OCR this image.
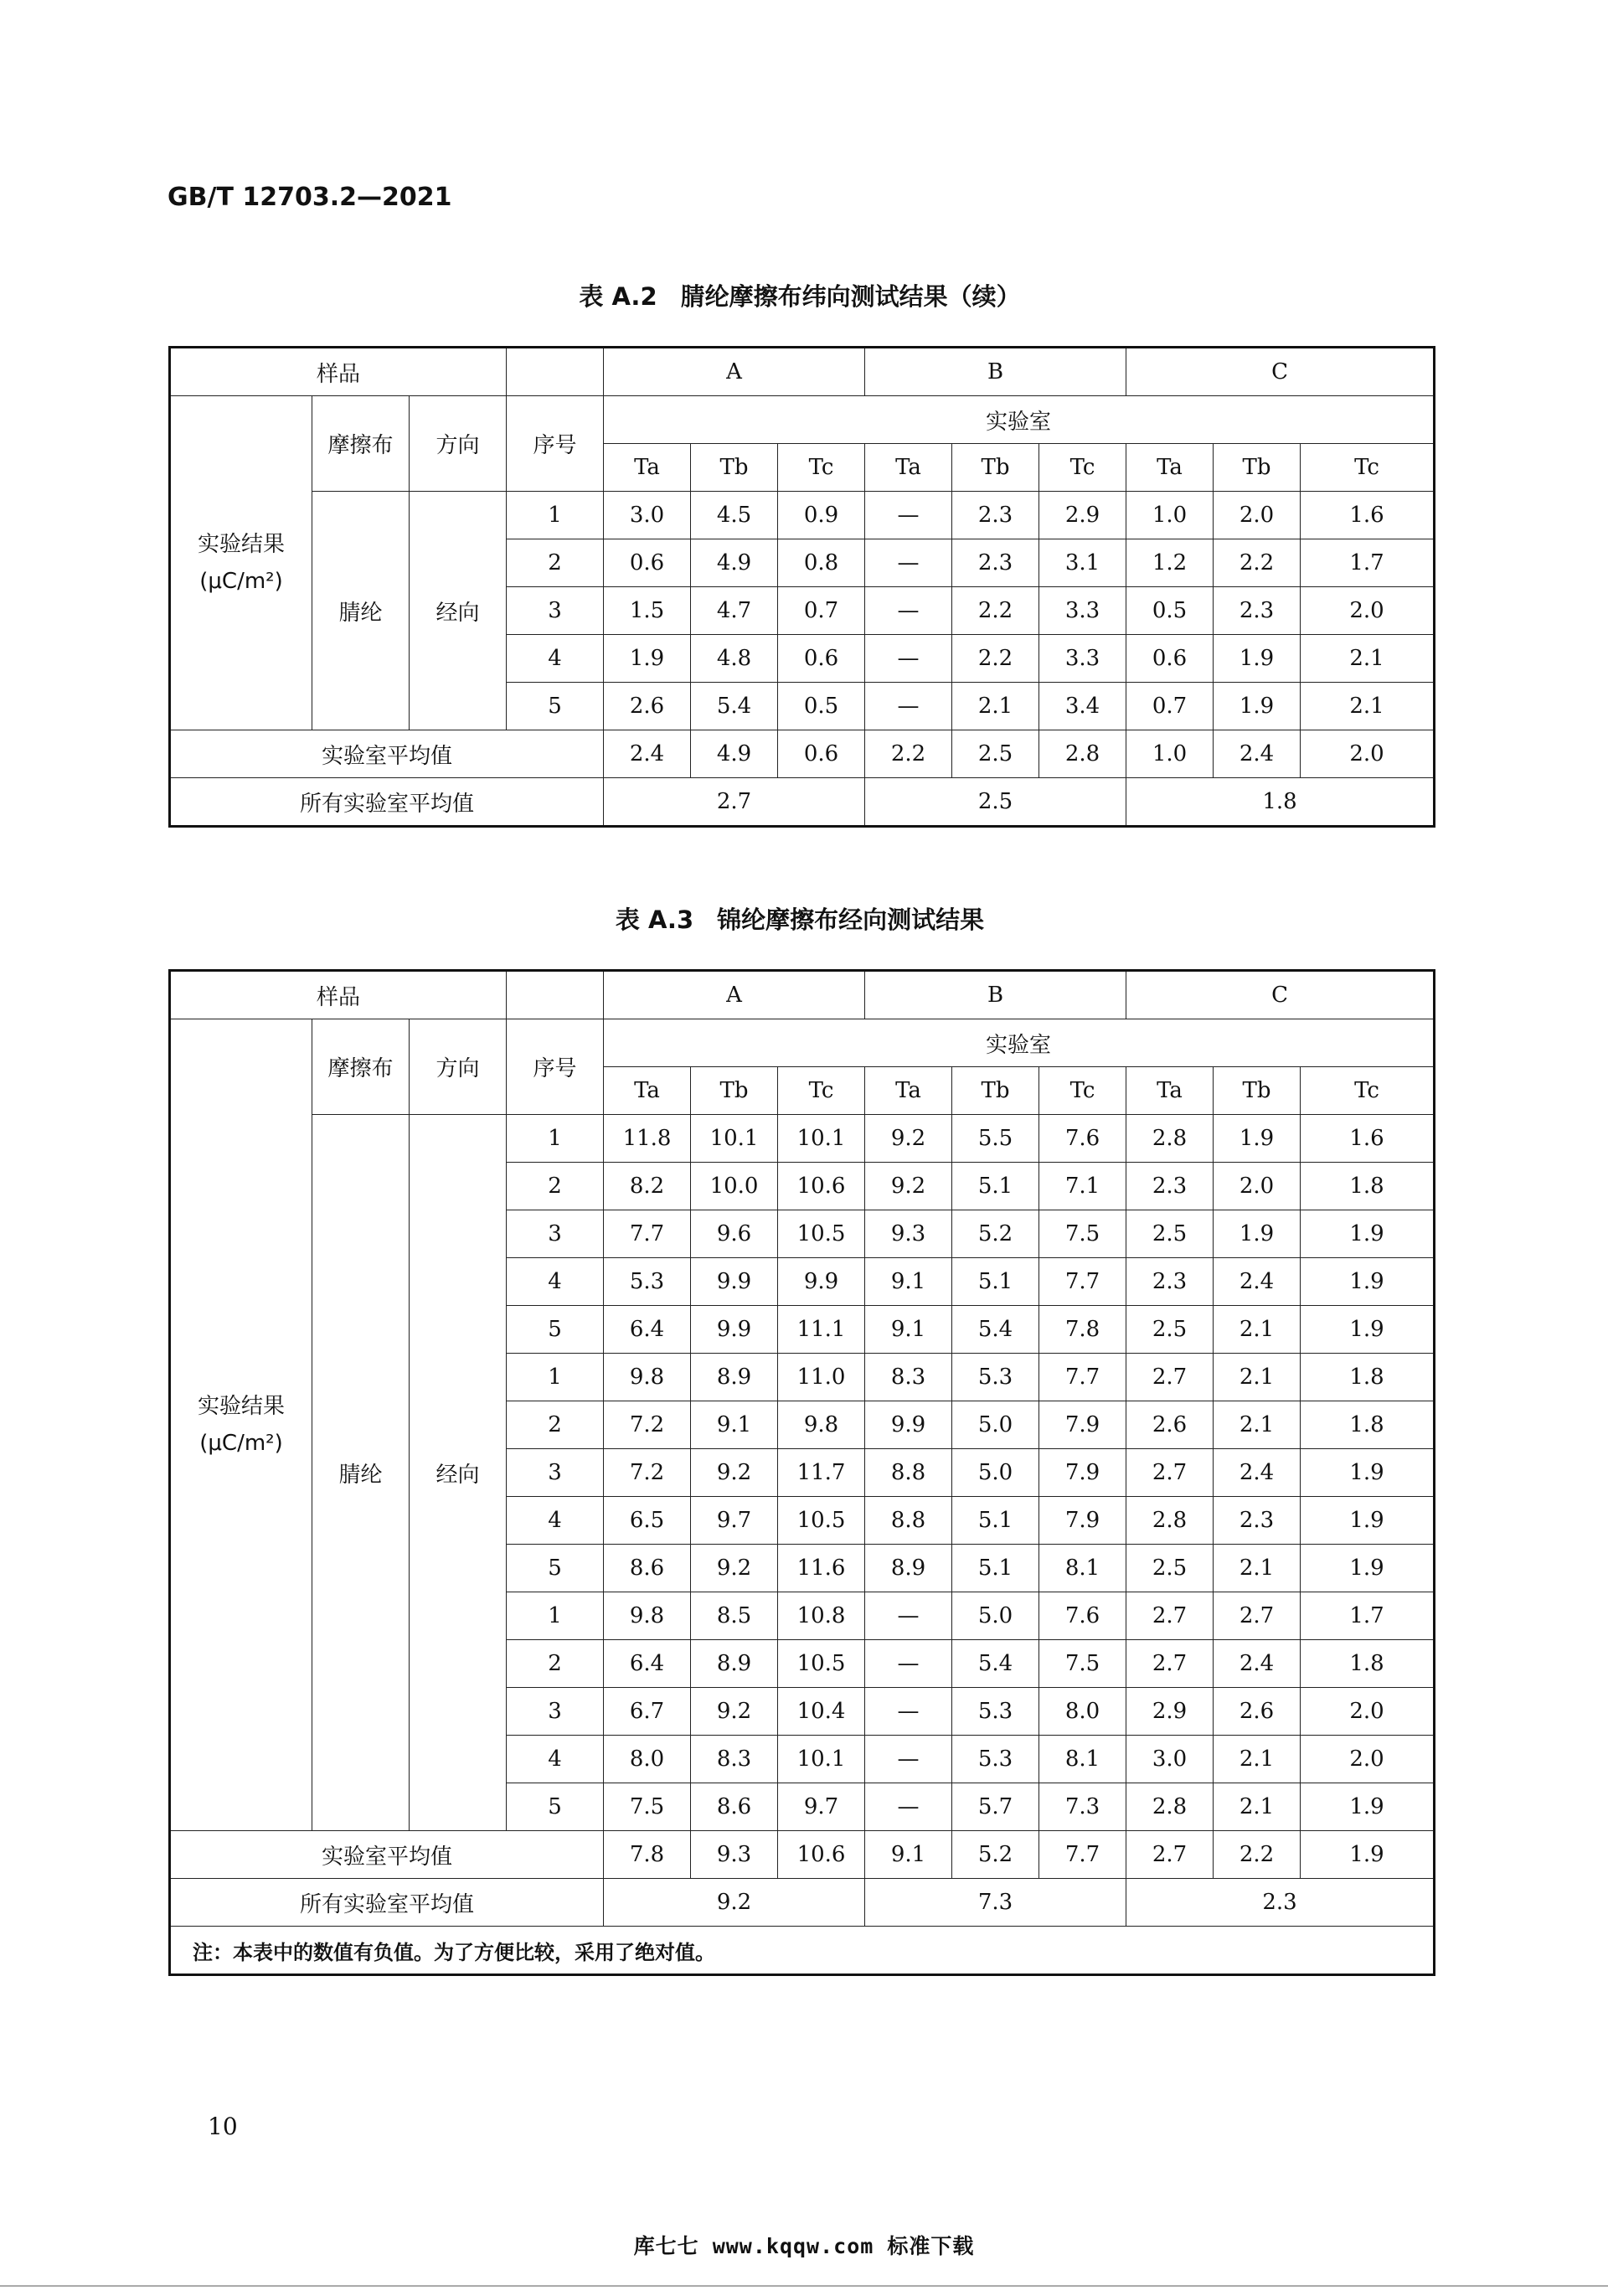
GB/T 12703.2—2021
表 A.2 腈纶摩擦布纬向测试结果（续）
样品				A			B			C		

实验结果
(μC/m²)	摩擦布	方向	序号	实验室								
				Ta	Tb	Tc	Ta	Tb	Tc	Ta	Tb	Tc
	腈纶	经向	1	3.0	4.5	0.9	—	2.3	2.9	1.0	2.0	1.6
			2	0.6	4.9	0.8	—	2.3	3.1	1.2	2.2	1.7
			3	1.5	4.7	0.7	—	2.2	3.3	0.5	2.3	2.0
			4	1.9	4.8	0.6	—	2.2	3.3	0.6	1.9	2.1
			5	2.6	5.4	0.5	—	2.1	3.4	0.7	1.9	2.1
实验室平均值				2.4	4.9	0.6	2.2	2.5	2.8	1.0	2.4	2.0
所有实验室平均值				2.7			2.5			1.8		
表 A.3 锦纶摩擦布经向测试结果
样品				A			B			C		

实验结果
(μC/m²)	摩擦布	方向	序号	实验室								
				Ta	Tb	Tc	Ta	Tb	Tc	Ta	Tb	Tc
	腈纶	经向	1	11.8	10.1	10.1	9.2	5.5	7.6	2.8	1.9	1.6
			2	8.2	10.0	10.6	9.2	5.1	7.1	2.3	2.0	1.8
			3	7.7	9.6	10.5	9.3	5.2	7.5	2.5	1.9	1.9
			4	5.3	9.9	9.9	9.1	5.1	7.7	2.3	2.4	1.9
			5	6.4	9.9	11.1	9.1	5.4	7.8	2.5	2.1	1.9
			1	9.8	8.9	11.0	8.3	5.3	7.7	2.7	2.1	1.8
			2	7.2	9.1	9.8	9.9	5.0	7.9	2.6	2.1	1.8
			3	7.2	9.2	11.7	8.8	5.0	7.9	2.7	2.4	1.9
			4	6.5	9.7	10.5	8.8	5.1	7.9	2.8	2.3	1.9
			5	8.6	9.2	11.6	8.9	5.1	8.1	2.5	2.1	1.9
			1	9.8	8.5	10.8	—	5.0	7.6	2.7	2.7	1.7
			2	6.4	8.9	10.5	—	5.4	7.5	2.7	2.4	1.8
			3	6.7	9.2	10.4	—	5.3	8.0	2.9	2.6	2.0
			4	8.0	8.3	10.1	—	5.3	8.1	3.0	2.1	2.0
			5	7.5	8.6	9.7	—	5.7	7.3	2.8	2.1	1.9
实验室平均值				7.8	9.3	10.6	9.1	5.2	7.7	2.7	2.2	1.9
所有实验室平均值				9.2			7.3			2.3		
注：本表中的数值有负值。为了方便比较，采用了绝对值。												
10
库七七 www.kqqw.com 标准下载
